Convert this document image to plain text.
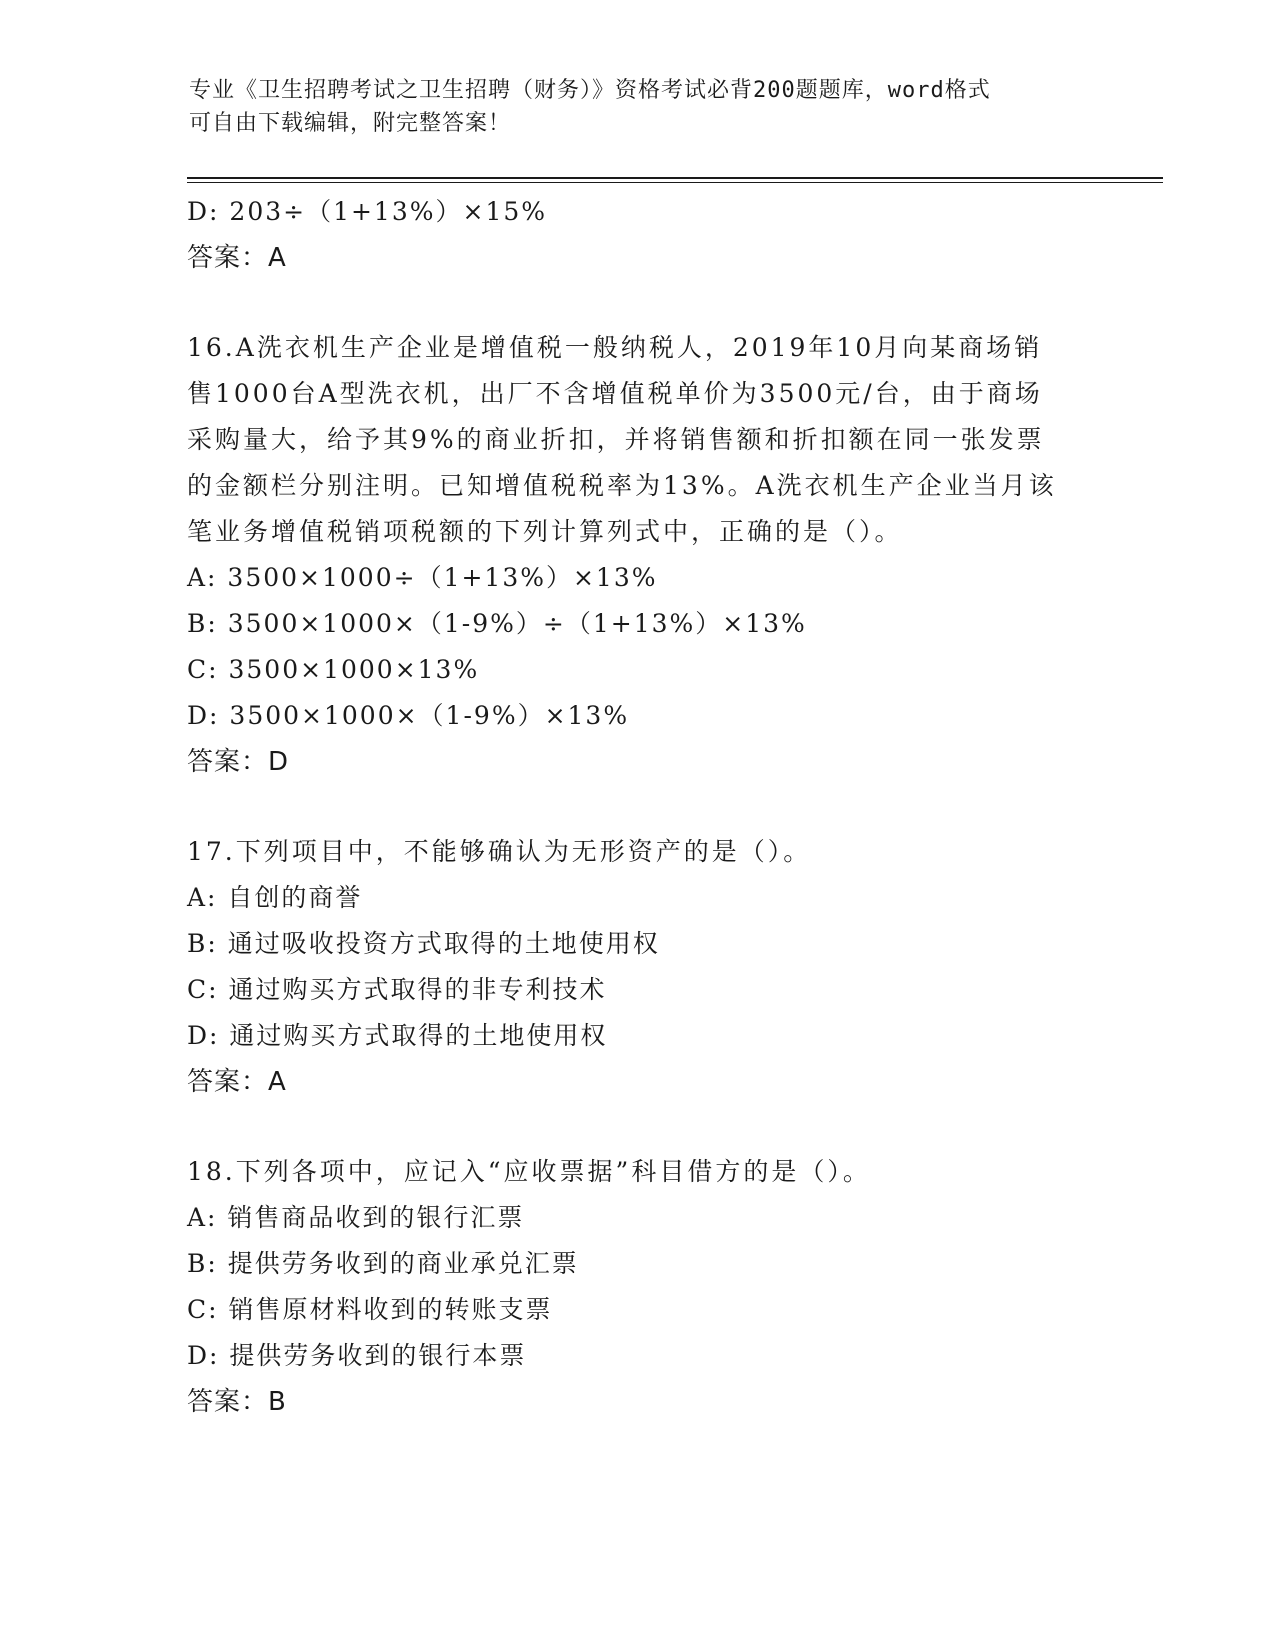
专业《卫生招聘考试之卫生招聘（财务）》资格考试必背200题题库，word格式
可自由下载编辑，附完整答案！
D: 203÷（1+13%）×15%
答案：A
16.A洗衣机生产企业是增值税一般纳税人，2019年10月向某商场销
售1000台A型洗衣机，出厂不含增值税单价为3500元/台，由于商场
采购量大，给予其9%的商业折扣，并将销售额和折扣额在同一张发票
的金额栏分别注明。已知增值税税率为13%。A洗衣机生产企业当月该
笔业务增值税销项税额的下列计算列式中，正确的是（）。
A: 3500×1000÷（1+13%）×13%
B: 3500×1000×（1-9%）÷（1+13%）×13%
C: 3500×1000×13%
D: 3500×1000×（1-9%）×13%
答案：D
17.下列项目中，不能够确认为无形资产的是（）。
A: 自创的商誉
B: 通过吸收投资方式取得的土地使用权
C: 通过购买方式取得的非专利技术
D: 通过购买方式取得的土地使用权
答案：A
18.下列各项中，应记入“应收票据”科目借方的是（）。
A: 销售商品收到的银行汇票
B: 提供劳务收到的商业承兑汇票
C: 销售原材料收到的转账支票
D: 提供劳务收到的银行本票
答案：B
